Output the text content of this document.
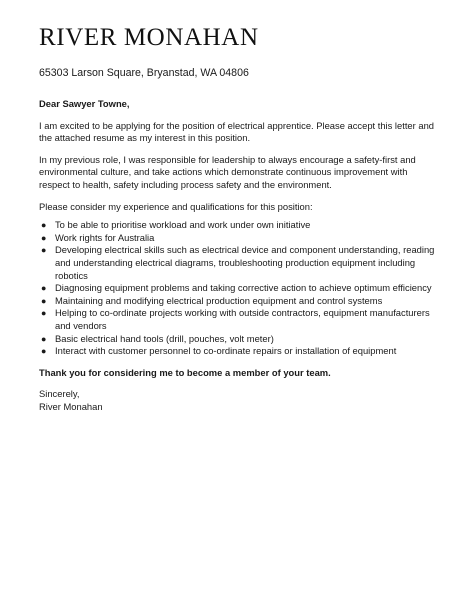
RIVER MONAHAN
65303 Larson Square, Bryanstad, WA 04806

Dear Sawyer Towne,

I am excited to be applying for the position of electrical apprentice. Please accept this letter and the attached resume as my interest in this position.

In my previous role, I was responsible for leadership to always encourage a safety-first and environmental culture, and take actions which demonstrate continuous improvement with respect to health, safety including process safety and the environment.

Please consider my experience and qualifications for this position:

● To be able to prioritise workload and work under own initiative
● Work rights for Australia
● Developing electrical skills such as electrical device and component understanding, reading and understanding electrical diagrams, troubleshooting production equipment including robotics
● Diagnosing equipment problems and taking corrective action to achieve optimum efficiency
● Maintaining and modifying electrical production equipment and control systems
● Helping to co-ordinate projects working with outside contractors, equipment manufacturers and vendors
● Basic electrical hand tools (drill, pouches, volt meter)
● Interact with customer personnel to co-ordinate repairs or installation of equipment

Thank you for considering me to become a member of your team.

Sincerely,

River Monahan
